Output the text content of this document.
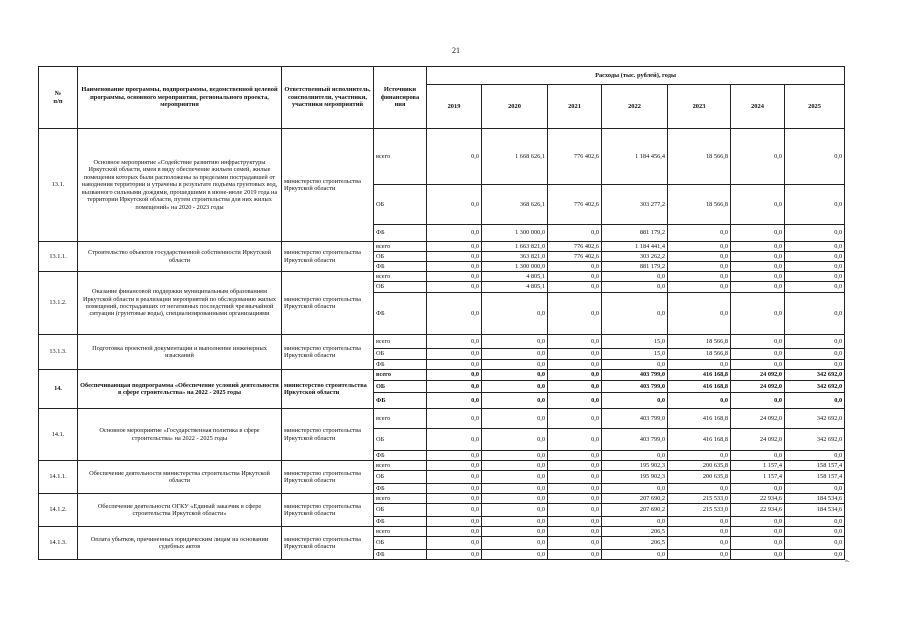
21
№
п/п	Наименование программы, подпрограммы, ведомственной целевой программы, основного мероприятия, регионального проекта, мероприятия	Ответственный исполнитель, соисполнители, участники, участники мероприятий	Источники финансирова ния	Расходы (тыс. рублей), годы						
				2019	2020	2021	2022	2023	2024	2025
13.1.	Основное мероприятие «Содействие развитию инфраструктуры Иркутской области, имея в виду обеспечение жильем семей, жилые помещения которых были расположены за пределами пострадавшей от наводнения территории и утрачены в результате подъема грунтовых вод, вызванного сильными дождями, прошедшими в июне-июле 2019 года на территории Иркутской области, путем строительства для них жилых помещений» на 2020 - 2023 годы	министерство строительства Иркутской области	всего	0,0	1 668 626,1	776 402,6	1 184 456,4	18 566,8	0,0	0,0
			ОБ	0,0	368 626,1	776 402,6	303 277,2	18 566,8	0,0	0,0
			ФБ	0,0	1 300 000,0	0,0	881 179,2	0,0	0,0	0,0
13.1.1.	Строительство объектов государственной собственности Иркутской области	министерство строительства Иркутской области	всего	0,0	1 663 821,0	776 402,6	1 184 441,4	0,0	0,0	0,0
			ОБ	0,0	363 821,0	776 402,6	303 262,2	0,0	0,0	0,0
			ФБ	0,0	1 300 000,0	0,0	881 179,2	0,0	0,0	0,0
13.1.2.	Оказание финансовой поддержки муниципальным образованиям Иркутской области в реализации мероприятий по обследованию жилых помещений, пострадавших от негативных последствий чрезвычайной ситуации (грунтовые воды), специализированными организациями	министерство строительства Иркутской области	всего	0,0	4 805,1	0,0	0,0	0,0	0,0	0,0
			ОБ	0,0	4 805,1	0,0	0,0	0,0	0,0	0,0
			ФБ	0,0	0,0	0,0	0,0	0,0	0,0	0,0
13.1.3.	Подготовка проектной документации и выполнение инженерных изысканий	министерство строительства Иркутской области	всего	0,0	0,0	0,0	15,0	18 566,8	0,0	0,0
			ОБ	0,0	0,0	0,0	15,0	18 566,8	0,0	0,0
			ФБ	0,0	0,0	0,0	0,0	0,0	0,0	0,0
14.	Обеспечивающая подпрограмма «Обеспечение условий деятельности в сфере строительства» на 2022 - 2025 годы	министерство строительства Иркутской области	всего	0,0	0,0	0,0	403 799,0	416 168,8	24 092,0	342 692,0
			ОБ	0,0	0,0	0,0	403 799,0	416 168,8	24 092,0	342 692,0
			ФБ	0,0	0,0	0,0	0,0	0,0	0,0	0,0
14.1.	Основное мероприятие «Государственная политика в сфере строительства» на 2022 - 2025 годы	министерство строительства Иркутской области	всего	0,0	0,0	0,0	403 799,0	416 168,8	24 092,0	342 692,0
			ОБ	0,0	0,0	0,0	403 799,0	416 168,8	24 092,0	342 692,0
			ФБ	0,0	0,0	0,0	0,0	0,0	0,0	0,0
14.1.1.	Обеспечение деятельности министерства строительства Иркутской области	министерство строительства Иркутской области	всего	0,0	0,0	0,0	195 902,3	200 635,8	1 157,4	158 157,4
			ОБ	0,0	0,0	0,0	195 902,3	200 635,8	1 157,4	158 157,4
			ФБ	0,0	0,0	0,0	0,0	0,0	0,0	0,0
14.1.2.	Обеспечение деятельности ОГКУ «Единый заказчик в сфере строительства Иркутской области»	министерство строительства Иркутской области	всего	0,0	0,0	0,0	207 690,2	215 533,0	22 934,6	184 534,6
			ОБ	0,0	0,0	0,0	207 690,2	215 533,0	22 934,6	184 534,6
			ФБ	0,0	0,0	0,0	0,0	0,0	0,0	0,0
14.1.3.	Оплата убытков, причиненных юридическим лицам на основании судебных актов	министерство строительства Иркутской области	всего	0,0	0,0	0,0	206,5	0,0	0,0	0,0
			ОБ	0,0	0,0	0,0	206,5	0,0	0,0	0,0
			ФБ	0,0	0,0	0,0	0,0	0,0	0,0	0,0
».
